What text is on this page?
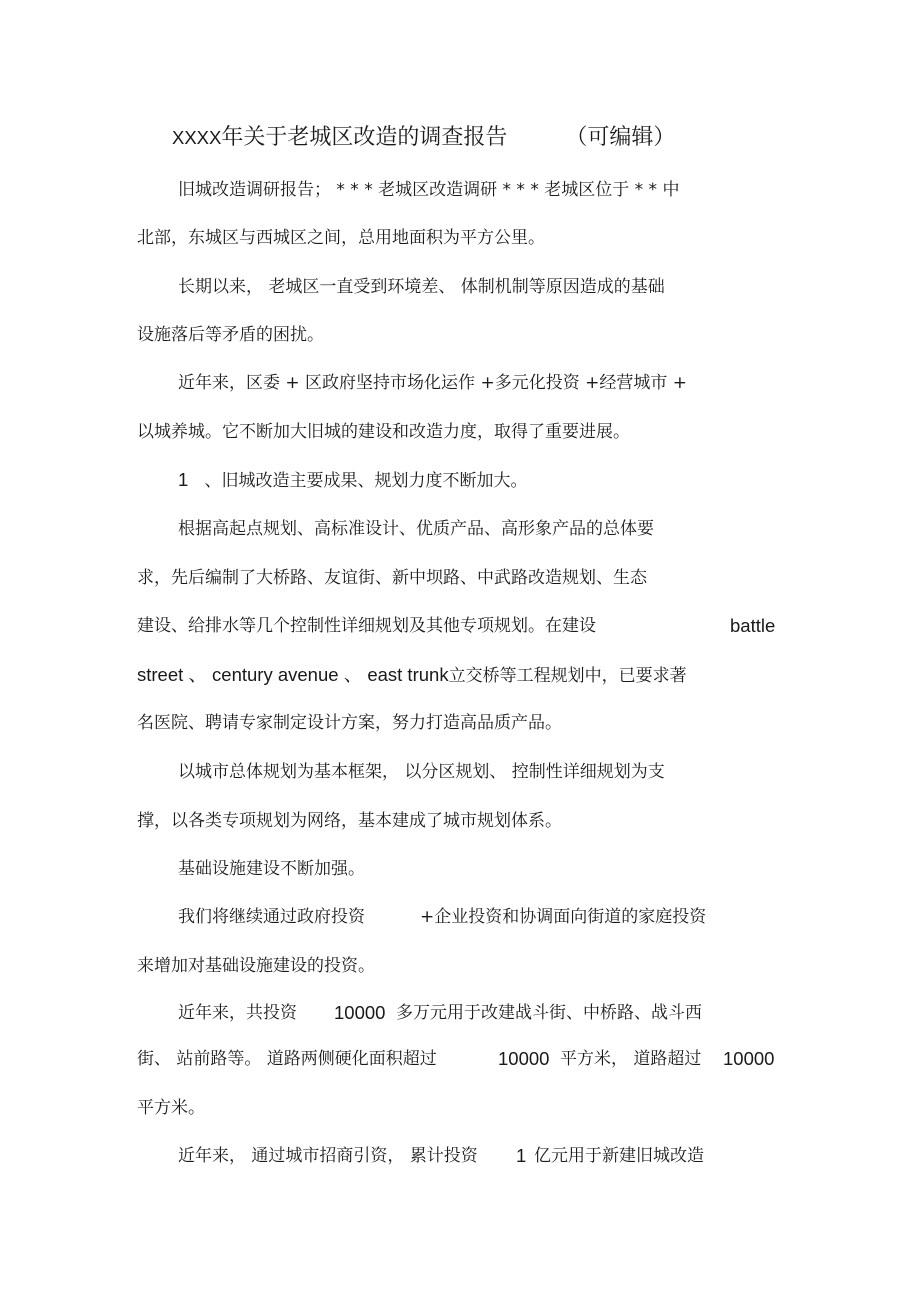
XXXX年关于老城区改造的调查报告	（可编辑）
旧城改造调研报告； * * * 老城区改造调研 * * * 老城区位于 * * 中
北部，东城区与西城区之间，总用地面积为平方公里。
长期以来， 老城区一直受到环境差、 体制机制等原因造成的基础
设施落后等矛盾的困扰。
近年来，区委 + 区政府坚持市场化运作 +多元化投资 +经营城市 +
以城养城。它不断加大旧城的建设和改造力度，取得了重要进展。
1 、旧城改造主要成果、规划力度不断加大。
根据高起点规划、高标准设计、优质产品、高形象产品的总体要
求，先后编制了大桥路、友谊街、新中坝路、中武路改造规划、生态
建设、给排水等几个控制性详细规划及其他专项规划。在建设	battle
street 、 century avenue 、 east trunk立交桥等工程规划中，已要求著
名医院、聘请专家制定设计方案，努力打造高品质产品。
以城市总体规划为基本框架， 以分区规划、 控制性详细规划为支
撑，以各类专项规划为网络，基本建成了城市规划体系。
基础设施建设不断加强。
我们将继续通过政府投资	+企业投资和协调面向街道的家庭投资
来增加对基础设施建设的投资。
近年来，共投资 10000 多万元用于改建战斗街、中桥路、战斗西
街、 站前路等。 道路两侧硬化面积超过	10000 平方米， 道路超过 10000
平方米。
近年来， 通过城市招商引资， 累计投资 1 亿元用于新建旧城改造
